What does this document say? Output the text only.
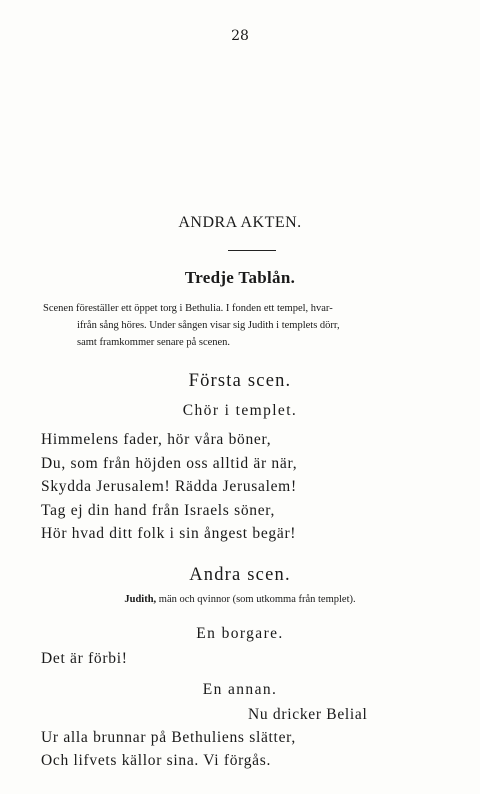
28
ANDRA AKTEN.
Tredje Tablån.
Scenen föreställer ett öppet torg i Bethulia. I fonden ett tempel, hvar-
ifrån sång höres. Under sången visar sig Judith i templets dörr,
samt framkommer senare på scenen.
Första scen.
Chör i templet.
Himmelens fader, hör våra böner,
Du, som från höjden oss alltid är när,
Skydda Jerusalem! Rädda Jerusalem!
Tag ej din hand från Israels söner,
Hör hvad ditt folk i sin ångest begär!
Andra scen.
Judith, män och qvinnor (som utkomma från templet).
En borgare.
Det är förbi!
En annan.
Nu dricker Belial
Ur alla brunnar på Bethuliens slätter,
Och lifvets källor sina. Vi förgås.
